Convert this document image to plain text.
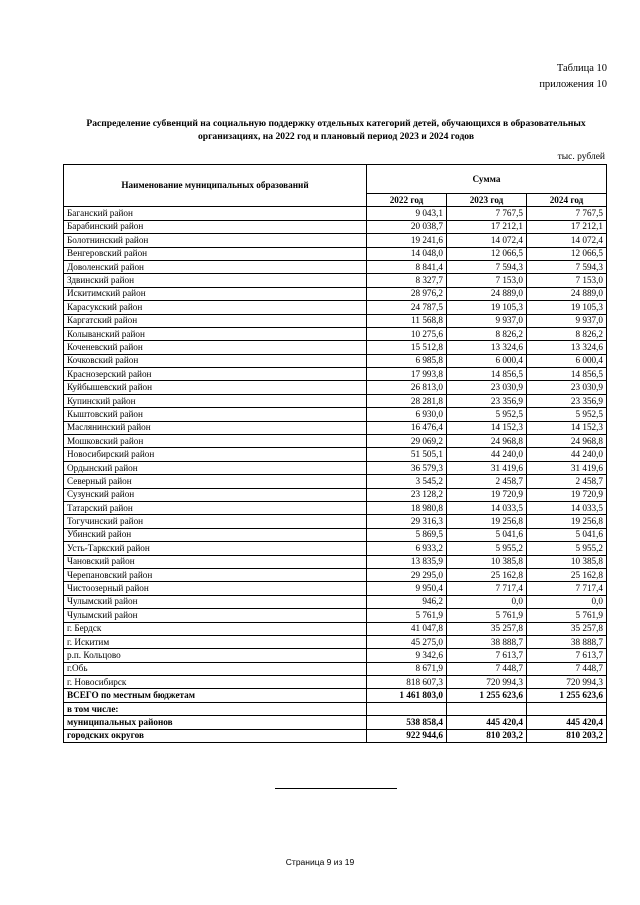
Таблица 10
приложения 10
Распределение субвенций на социальную поддержку отдельных категорий детей, обучающихся в образовательных организациях, на 2022 год и плановый период 2023 и 2024 годов
тыс. рублей
Наименование муниципальных образований	Сумма		
	2022 год	2023 год	2024 год
Баганский район	9 043,1	7 767,5	7 767,5
Барабинский район	20 038,7	17 212,1	17 212,1
Болотнинский район	19 241,6	14 072,4	14 072,4
Венгеровский район	14 048,0	12 066,5	12 066,5
Доволенский район	8 841,4	7 594,3	7 594,3
Здвинский район	8 327,7	7 153,0	7 153,0
Искитимский район	28 976,2	24 889,0	24 889,0
Карасукский район	24 787,5	19 105,3	19 105,3
Каргатский район	11 568,8	9 937,0	9 937,0
Колыванский район	10 275,6	8 826,2	8 826,2
Коченевский район	15 512,8	13 324,6	13 324,6
Кочковский район	6 985,8	6 000,4	6 000,4
Краснозерский район	17 993,8	14 856,5	14 856,5
Куйбышевский район	26 813,0	23 030,9	23 030,9
Купинский район	28 281,8	23 356,9	23 356,9
Кыштовский район	6 930,0	5 952,5	5 952,5
Маслянинский район	16 476,4	14 152,3	14 152,3
Мошковский район	29 069,2	24 968,8	24 968,8
Новосибирский район	51 505,1	44 240,0	44 240,0
Ордынский район	36 579,3	31 419,6	31 419,6
Северный район	3 545,2	2 458,7	2 458,7
Сузунский район	23 128,2	19 720,9	19 720,9
Татарский район	18 980,8	14 033,5	14 033,5
Тогучинский район	29 316,3	19 256,8	19 256,8
Убинский район	5 869,5	5 041,6	5 041,6
Усть-Таркский район	6 933,2	5 955,2	5 955,2
Чановский район	13 835,9	10 385,8	10 385,8
Черепановский район	29 295,0	25 162,8	25 162,8
Чистоозерный район	9 950,4	7 717,4	7 717,4
Чулымский район	946,2	0,0	0,0
Чулымский район	5 761,9	5 761,9	5 761,9
г. Бердск	41 047,8	35 257,8	35 257,8
г. Искитим	45 275,0	38 888,7	38 888,7
р.п. Кольцово	9 342,6	7 613,7	7 613,7
г.Обь	8 671,9	7 448,7	7 448,7
г. Новосибирск	818 607,3	720 994,3	720 994,3
ВСЕГО по местным бюджетам	1 461 803,0	1 255 623,6	1 255 623,6
в том числе:			
муниципальных районов	538 858,4	445 420,4	445 420,4
городских округов	922 944,6	810 203,2	810 203,2
Страница 9 из 19
